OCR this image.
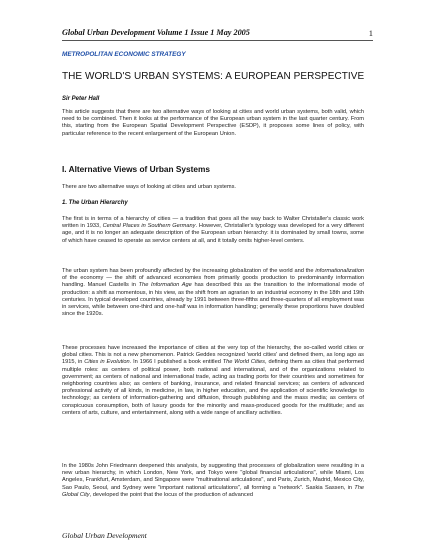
Global Urban Development Volume 1 Issue 1 May 2005	1
METROPOLITAN ECONOMIC STRATEGY
THE WORLD'S URBAN SYSTEMS: A EUROPEAN PERSPECTIVE
Sir Peter Hall
This article suggests that there are two alternative ways of looking at cities and world urban systems, both valid, which need to be combined. Then it looks at the performance of the European urban system in the last quarter century. From this, starting from the European Spatial Development Perspective (ESDP), it proposes some lines of policy, with particular reference to the recent enlargement of the European Union.
I. Alternative Views of Urban Systems
There are two alternative ways of looking at cities and urban systems.
1. The Urban Hierarchy
The first is in terms of a hierarchy of cities — a tradition that goes all the way back to Walter Christaller's classic work written in 1933, Central Places in Southern Germany. However, Christaller's typology was developed for a very different age, and it is no longer an adequate description of the European urban hierarchy: it is dominated by small towns, some of which have ceased to operate as service centers at all, and it totally omits higher-level centers.
The urban system has been profoundly affected by the increasing globalization of the world and the informationalization of the economy — the shift of advanced economies from primarily goods production to predominantly information handling. Manuel Castells in The Information Age has described this as the transition to the informational mode of production: a shift as momentous, in his view, as the shift from an agrarian to an industrial economy in the 18th and 19th centuries. In typical developed countries, already by 1991 between three-fifths and three-quarters of all employment was in services, while between one-third and one-half was in information handling; generally these proportions have doubled since the 1920s.
These processes have increased the importance of cities at the very top of the hierarchy, the so-called world cities or global cities. This is not a new phenomenon. Patrick Geddes recognized 'world cities' and defined them, as long ago as 1915, in Cities in Evolution. In 1966 I published a book entitled The World Cities, defining them as cities that performed multiple roles: as centers of political power, both national and international, and of the organizations related to government; as centers of national and international trade, acting as trading ports for their countries and sometimes for neighboring countries also; as centers of banking, insurance, and related financial services; as centers of advanced professional activity of all kinds, in medicine, in law, in higher education, and the application of scientific knowledge to technology; as centers of information-gathering and diffusion, through publishing and the mass media; as centers of conspicuous consumption, both of luxury goods for the minority and mass-produced goods for the multitude; and as centers of arts, culture, and entertainment, along with a wide range of ancillary activities.
In the 1980s John Friedmann deepened this analysis, by suggesting that processes of globalization were resulting in a new urban hierarchy, in which London, New York, and Tokyo were "global financial articulations", while Miami, Los Angeles, Frankfurt, Amsterdam, and Singapore were "multinational articulations", and Paris, Zurich, Madrid, Mexico City, Sao Paulo, Seoul, and Sydney were "important national articulations", all forming a "network". Saskia Sassen, in The Global City, developed the point that the locus of the production of advanced
Global Urban Development
